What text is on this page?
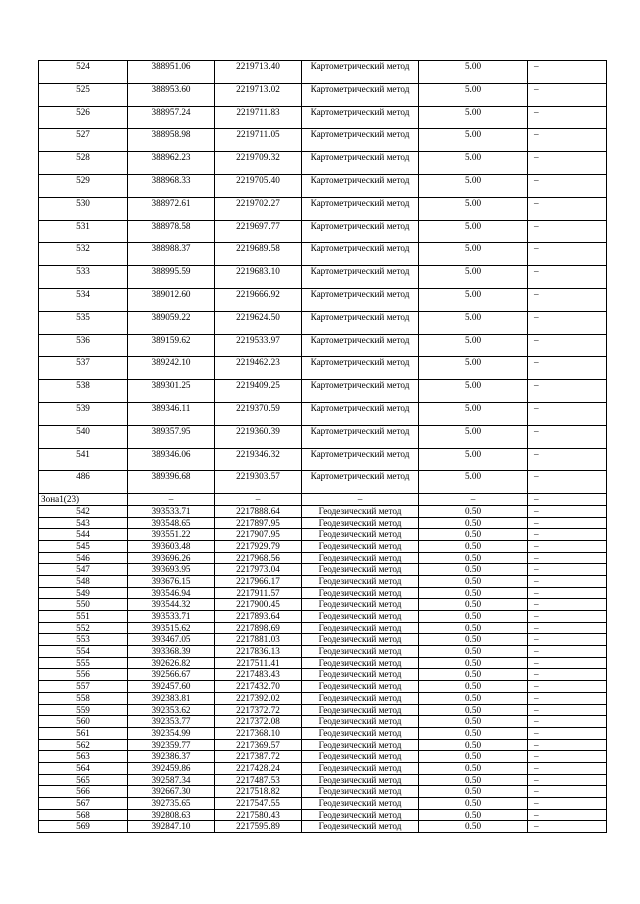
524	388951.06	2219713.40	Картометрический метод	5.00	–
525	388953.60	2219713.02	Картометрический метод	5.00	–
526	388957.24	2219711.83	Картометрический метод	5.00	–
527	388958.98	2219711.05	Картометрический метод	5.00	–
528	388962.23	2219709.32	Картометрический метод	5.00	–
529	388968.33	2219705.40	Картометрический метод	5.00	–
530	388972.61	2219702.27	Картометрический метод	5.00	–
531	388978.58	2219697.77	Картометрический метод	5.00	–
532	388988.37	2219689.58	Картометрический метод	5.00	–
533	388995.59	2219683.10	Картометрический метод	5.00	–
534	389012.60	2219666.92	Картометрический метод	5.00	–
535	389059.22	2219624.50	Картометрический метод	5.00	–
536	389159.62	2219533.97	Картометрический метод	5.00	–
537	389242.10	2219462.23	Картометрический метод	5.00	–
538	389301.25	2219409.25	Картометрический метод	5.00	–
539	389346.11	2219370.59	Картометрический метод	5.00	–
540	389357.95	2219360.39	Картометрический метод	5.00	–
541	389346.06	2219346.32	Картометрический метод	5.00	–
486	389396.68	2219303.57	Картометрический метод	5.00	–
Зона1(23)	–	–	–	–	–
542	393533.71	2217888.64	Геодезический метод	0.50	–
543	393548.65	2217897.95	Геодезический метод	0.50	–
544	393551.22	2217907.95	Геодезический метод	0.50	–
545	393603.48	2217929.79	Геодезический метод	0.50	–
546	393696.26	2217968.56	Геодезический метод	0.50	–
547	393693.95	2217973.04	Геодезический метод	0.50	–
548	393676.15	2217966.17	Геодезический метод	0.50	–
549	393546.94	2217911.57	Геодезический метод	0.50	–
550	393544.32	2217900.45	Геодезический метод	0.50	–
551	393533.71	2217893.64	Геодезический метод	0.50	–
552	393515.62	2217898.69	Геодезический метод	0.50	–
553	393467.05	2217881.03	Геодезический метод	0.50	–
554	393368.39	2217836.13	Геодезический метод	0.50	–
555	392626.82	2217511.41	Геодезический метод	0.50	–
556	392566.67	2217483.43	Геодезический метод	0.50	–
557	392457.60	2217432.70	Геодезический метод	0.50	–
558	392383.81	2217392.02	Геодезический метод	0.50	–
559	392353.62	2217372.72	Геодезический метод	0.50	–
560	392353.77	2217372.08	Геодезический метод	0.50	–
561	392354.99	2217368.10	Геодезический метод	0.50	–
562	392359.77	2217369.57	Геодезический метод	0.50	–
563	392386.37	2217387.72	Геодезический метод	0.50	–
564	392459.86	2217428.24	Геодезический метод	0.50	–
565	392587.34	2217487.53	Геодезический метод	0.50	–
566	392667.30	2217518.82	Геодезический метод	0.50	–
567	392735.65	2217547.55	Геодезический метод	0.50	–
568	392808.63	2217580.43	Геодезический метод	0.50	–
569	392847.10	2217595.89	Геодезический метод	0.50	–
